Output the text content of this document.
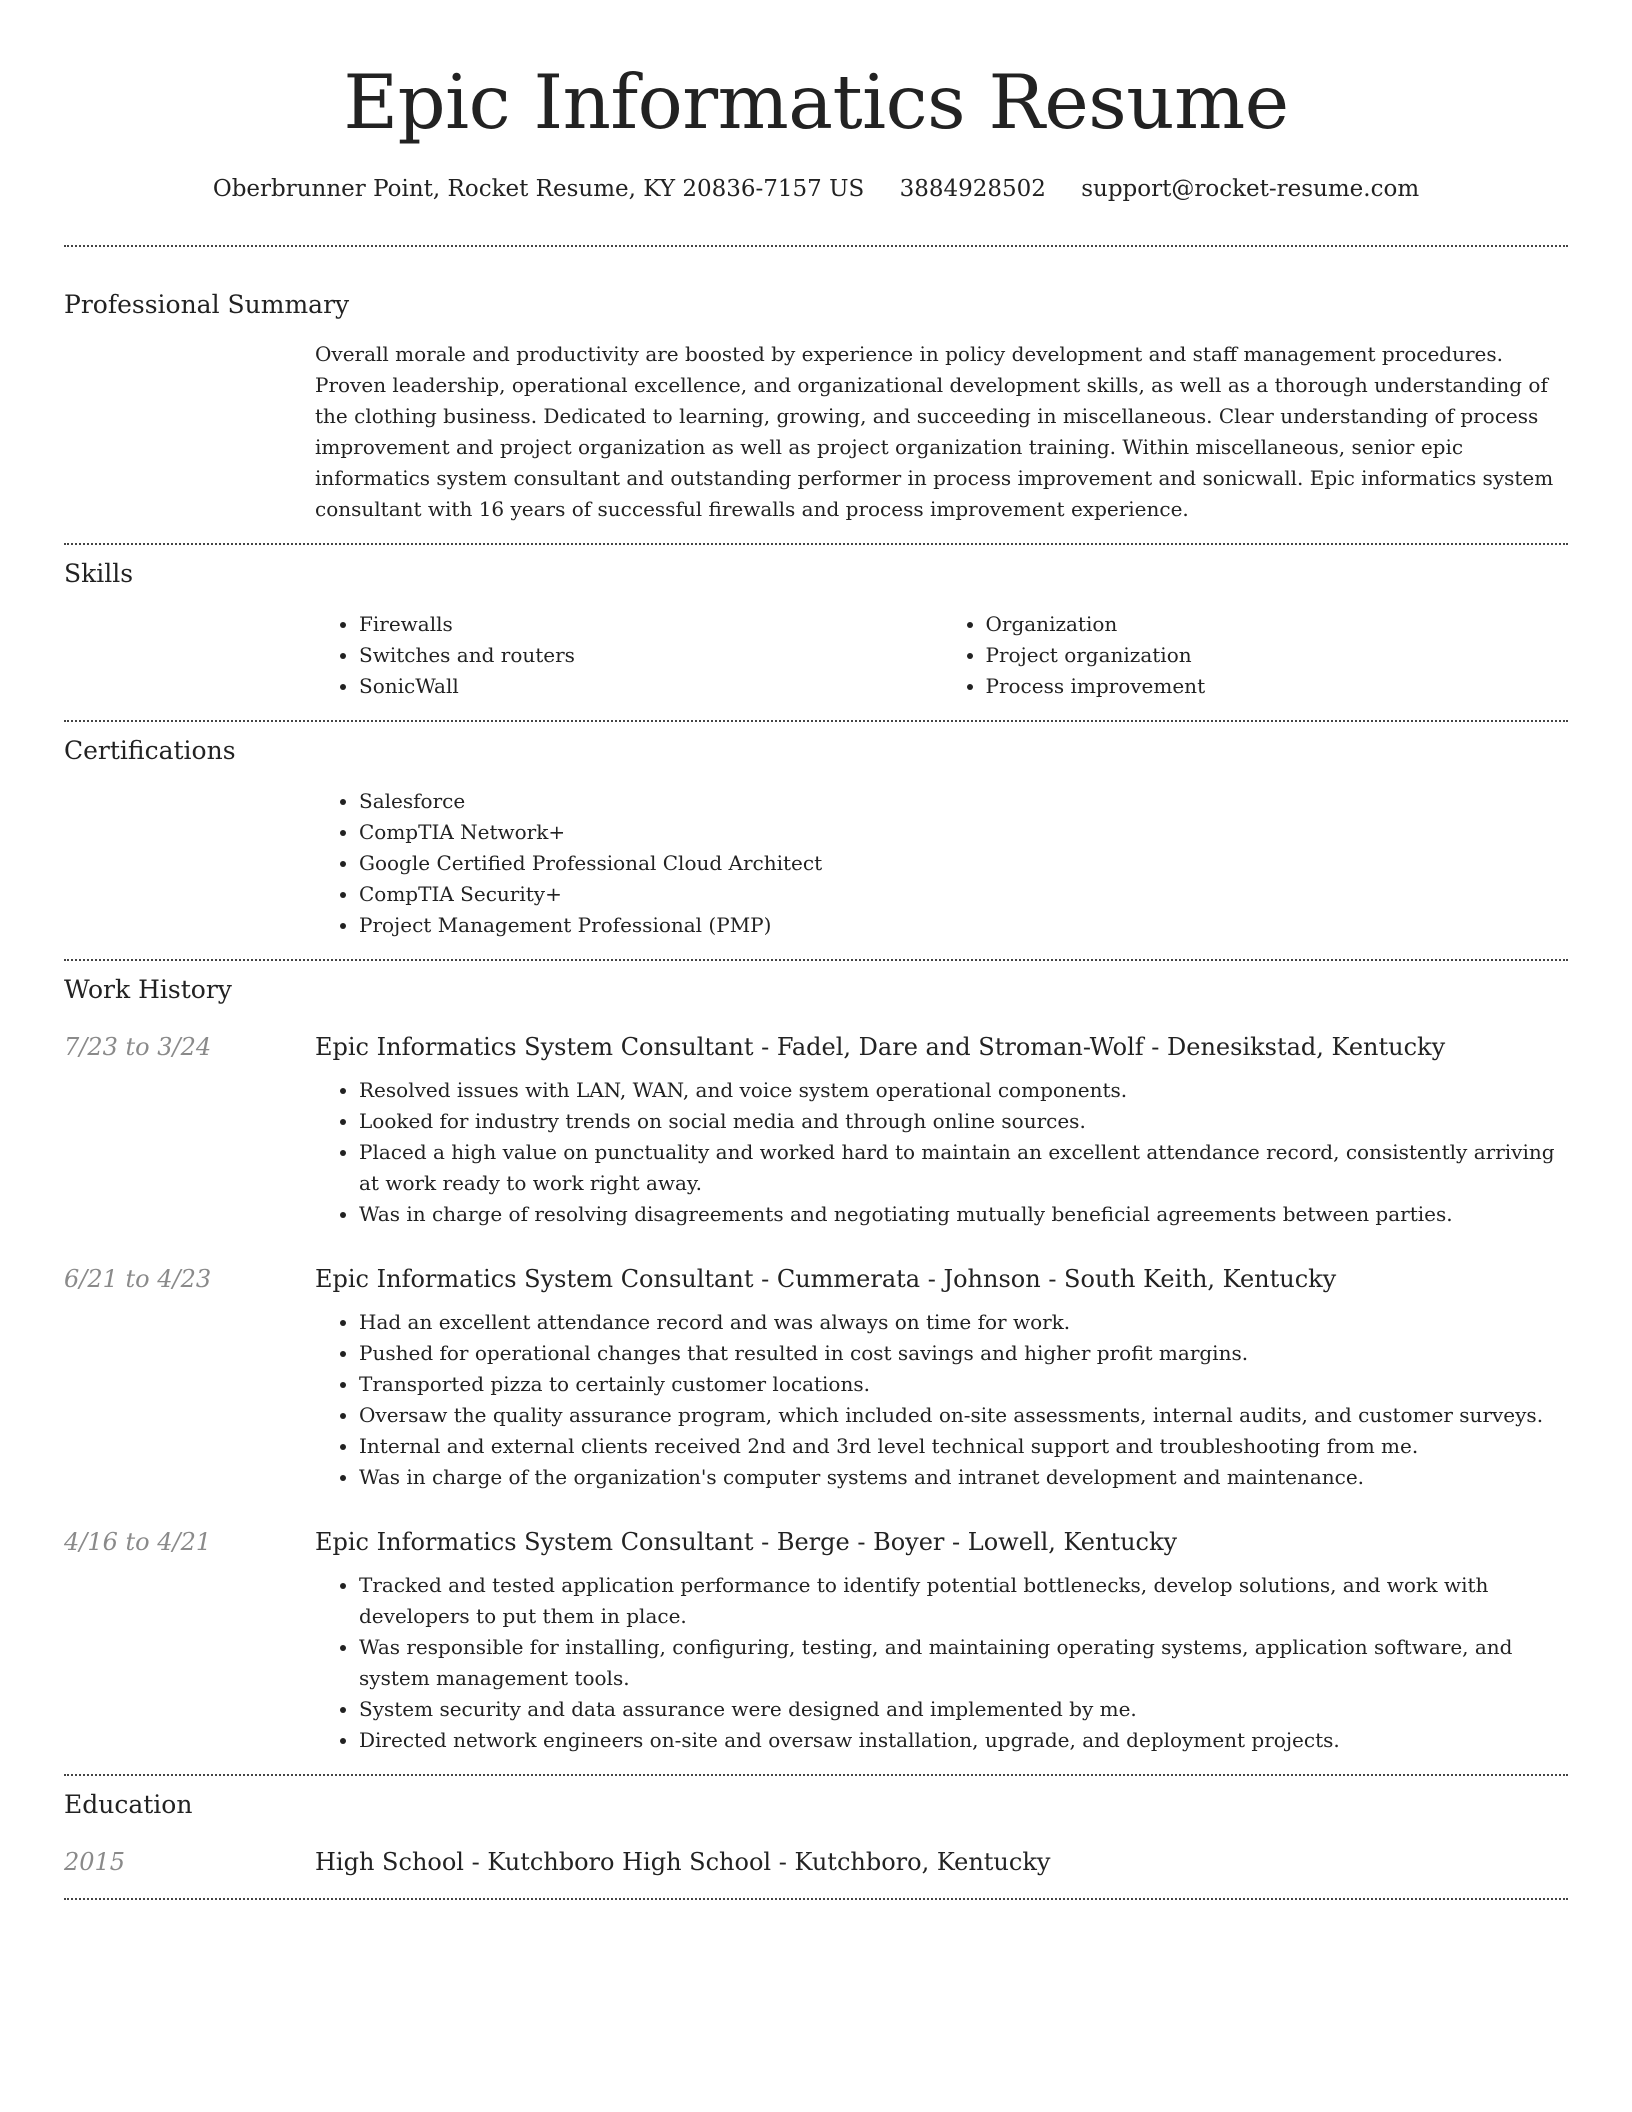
Epic Informatics Resume
Oberbrunner Point, Rocket Resume, KY 20836-7157 US 3884928502 support@rocket-resume.com
Professional Summary

Overall morale and productivity are boosted by experience in policy development and staff management procedures. Proven leadership, operational excellence, and organizational development skills, as well as a thorough understanding of the clothing business. Dedicated to learning, growing, and succeeding in miscellaneous. Clear understanding of process improvement and project organization as well as project organization training. Within miscellaneous, senior epic informatics system consultant and outstanding performer in process improvement and sonicwall. Epic informatics system consultant with 16 years of successful firewalls and process improvement experience.

Skills
• Firewalls
• Switches and routers
• SonicWall
• Organization
• Project organization
• Process improvement
Certifications
• Salesforce
• CompTIA Network+
• Google Certified Professional Cloud Architect
• CompTIA Security+
• Project Management Professional (PMP)
Work History
7/23 to 3/24	Epic Informatics System Consultant - Fadel, Dare and Stroman-Wolf - Denesikstad, Kentucky
• Resolved issues with LAN, WAN, and voice system operational components.
• Looked for industry trends on social media and through online sources.
• Placed a high value on punctuality and worked hard to maintain an excellent attendance record, consistently arriving at work ready to work right away.
• Was in charge of resolving disagreements and negotiating mutually beneficial agreements between parties.
6/21 to 4/23	Epic Informatics System Consultant - Cummerata - Johnson - South Keith, Kentucky
• Had an excellent attendance record and was always on time for work.
• Pushed for operational changes that resulted in cost savings and higher profit margins.
• Transported pizza to certainly customer locations.
• Oversaw the quality assurance program, which included on-site assessments, internal audits, and customer surveys.
• Internal and external clients received 2nd and 3rd level technical support and troubleshooting from me.
• Was in charge of the organization's computer systems and intranet development and maintenance.
4/16 to 4/21	Epic Informatics System Consultant - Berge - Boyer - Lowell, Kentucky
• Tracked and tested application performance to identify potential bottlenecks, develop solutions, and work with developers to put them in place.
• Was responsible for installing, configuring, testing, and maintaining operating systems, application software, and system management tools.
• System security and data assurance were designed and implemented by me.
• Directed network engineers on-site and oversaw installation, upgrade, and deployment projects.
Education
2015	High School - Kutchboro High School - Kutchboro, Kentucky
